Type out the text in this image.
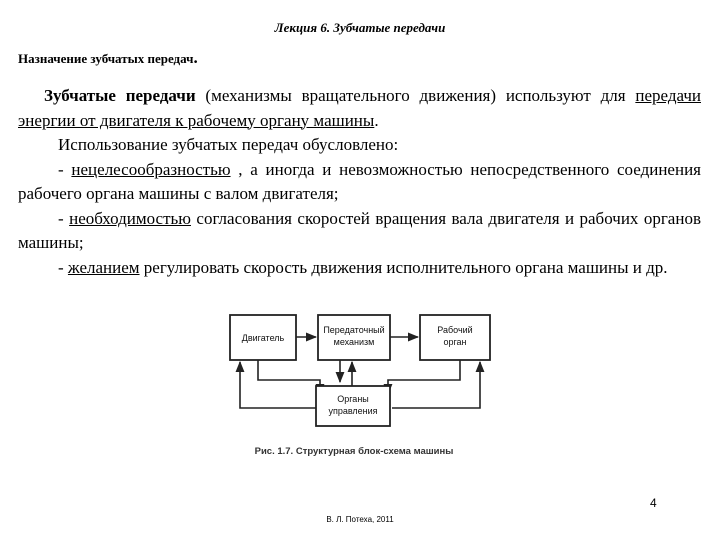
Лекция 6. Зубчатые передачи
Назначение зубчатых передач.

Зубчатые передачи (механизмы вращательного движения) используют для передачи энергии от двигателя к рабочему органу машины.

Использование зубчатых передач обусловлено:

- нецелесообразностью , а иногда и невозможностью непосредственного соединения рабочего органа машины с валом двигателя;

- необходимостью согласования скоростей вращения вала двигателя и рабочих органов машины;

- желанием регулировать скорость движения исполнительного органа машины и др.

Двигатель
Передаточный
механизм
Рабочий
орган
Органы
управления
Рис. 1.7. Структурная блок-схема машины
4
В. Л. Потеха, 2011
